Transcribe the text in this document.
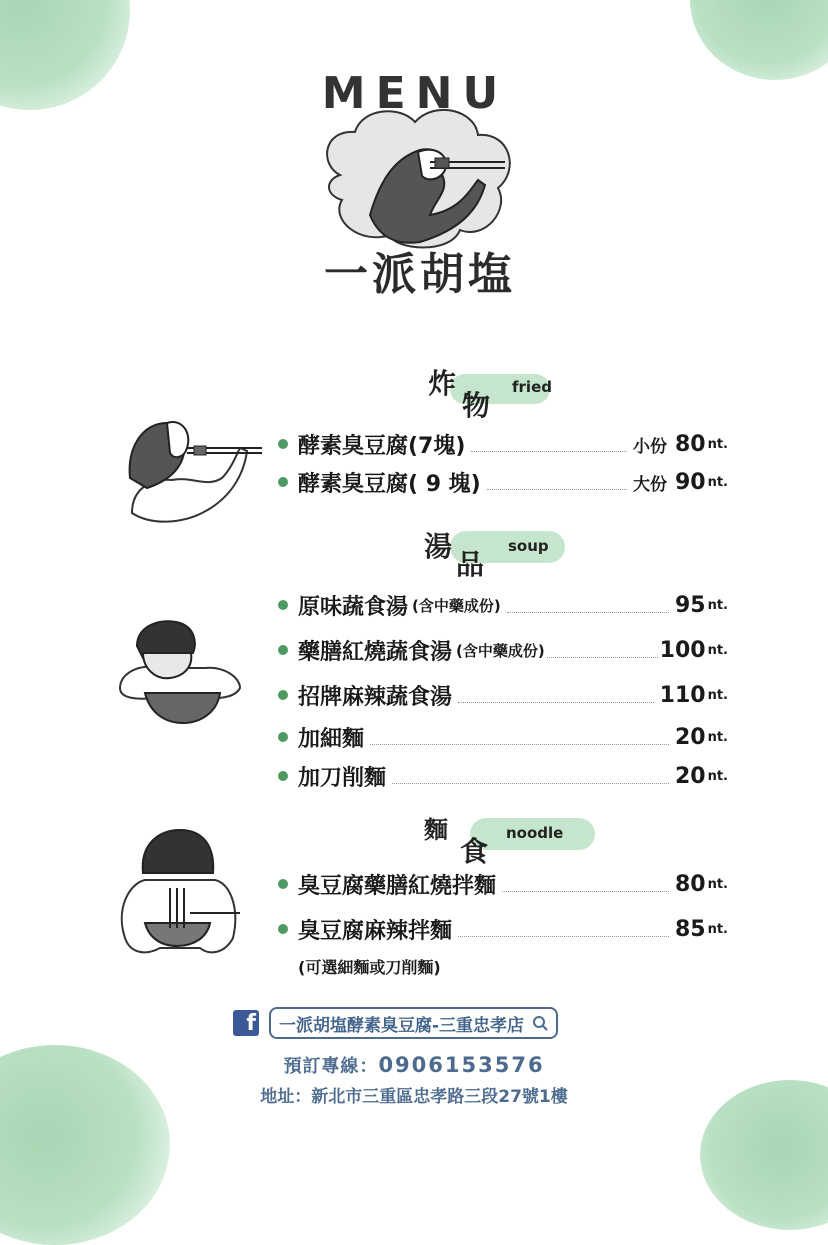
MENU
一派胡塩
炸
物
fried
湯
品
soup
麵
食
noodle
酵素臭豆腐(7塊)	小份 80 nt.
酵素臭豆腐( 9 塊)	大份 90 nt.
原味蔬食湯 (含中藥成份)	95 nt.
藥膳紅燒蔬食湯 (含中藥成份)	100 nt.
招牌麻辣蔬食湯	110 nt.
加細麵	20 nt.
加刀削麵	20 nt.
臭豆腐藥膳紅燒拌麵	80 nt.
臭豆腐麻辣拌麵	85 nt.
(可選細麵或刀削麵)
f 一派胡塩酵素臭豆腐-三重忠孝店
預訂專線：0906153576
地址：新北市三重區忠孝路三段27號1樓
